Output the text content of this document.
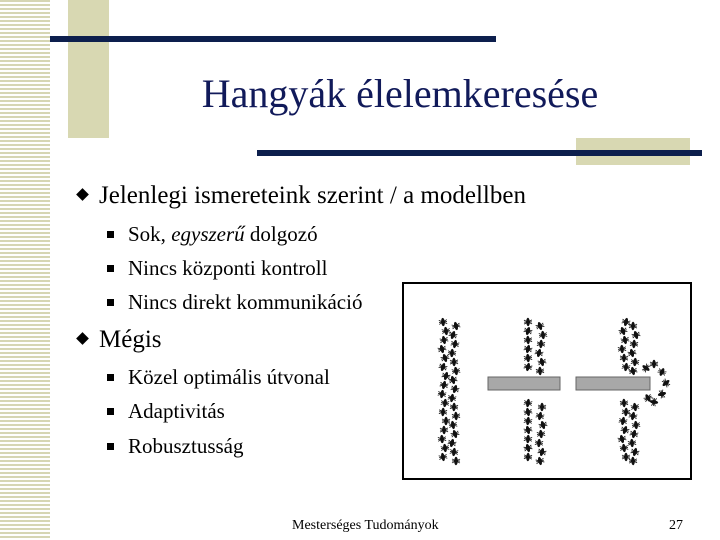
Hangyák élelemkeresése
Jelenlegi ismereteink szerint / a modellben
Sok, egyszerű dolgozó
Nincs központi kontroll
Nincs direkt kommunikáció
Mégis
Közel optimális útvonal
Adaptivitás
Robusztusság
Mesterséges Tudományok	27
